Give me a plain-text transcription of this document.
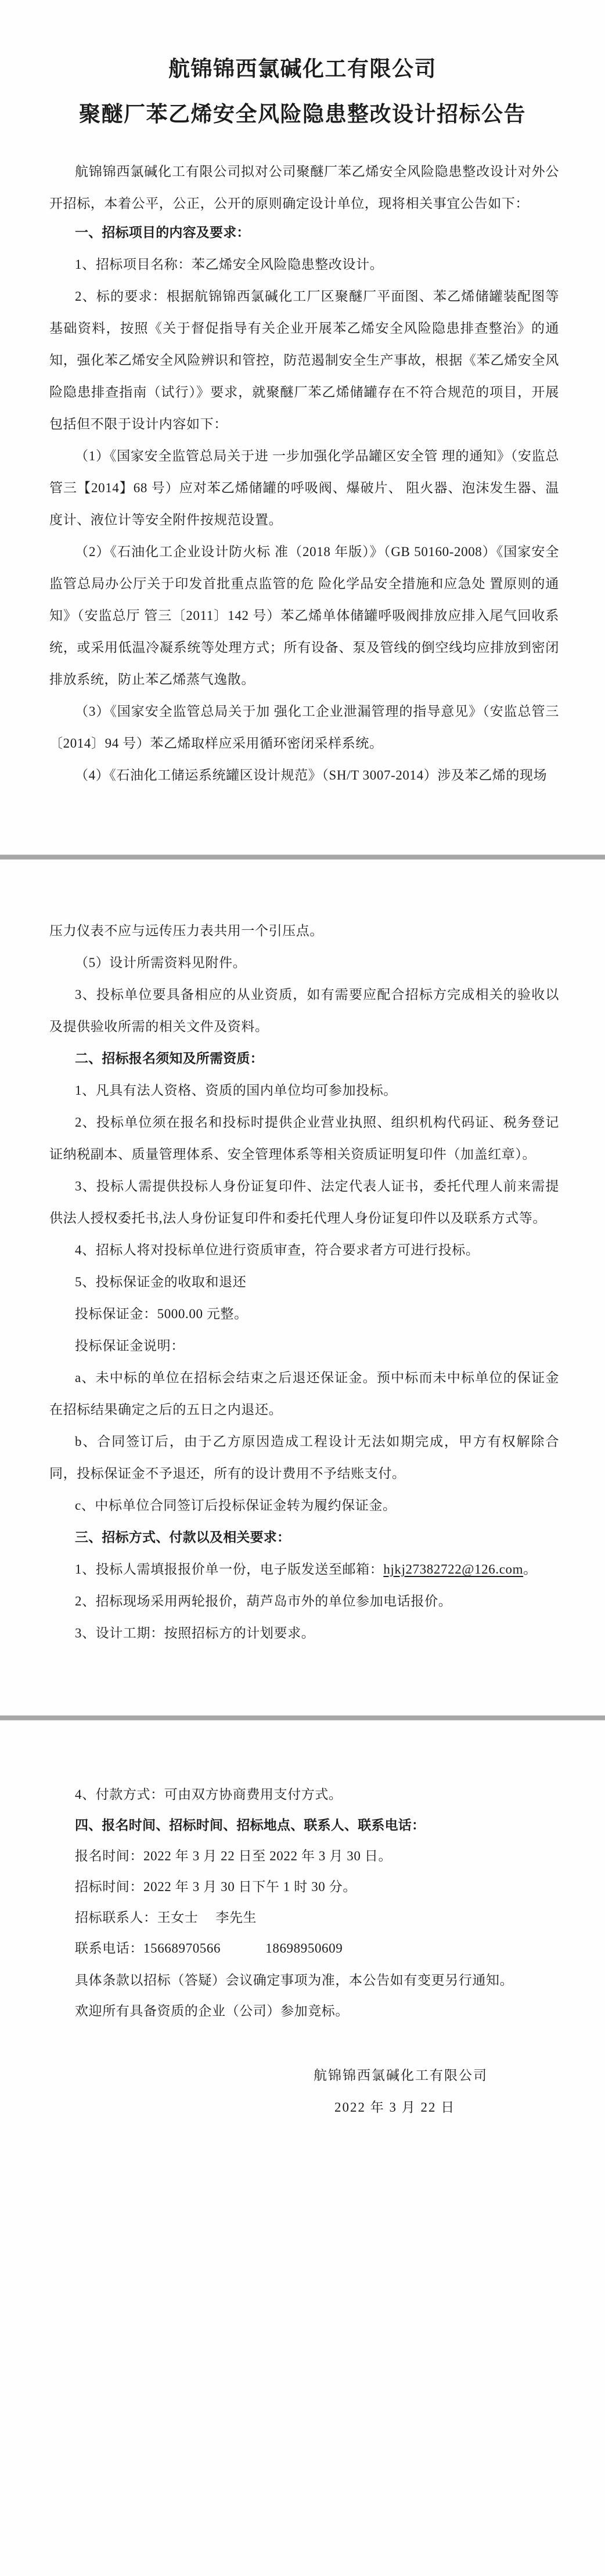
航锦锦西氯碱化工有限公司
聚醚厂苯乙烯安全风险隐患整改设计招标公告

航锦锦西氯碱化工有限公司拟对公司聚醚厂苯乙烯安全风险隐患整改设计对外公开招标，本着公平，公正，公开的原则确定设计单位，现将相关事宜公告如下：

一、招标项目的内容及要求：

1、招标项目名称：苯乙烯安全风险隐患整改设计。

2、标的要求：根据航锦锦西氯碱化工厂区聚醚厂平面图、苯乙烯储罐装配图等基础资料，按照《关于督促指导有关企业开展苯乙烯安全风险隐患排查整治》的通知，强化苯乙烯安全风险辨识和管控，防范遏制安全生产事故，根据《苯乙烯安全风险隐患排查指南（试行）》要求，就聚醚厂苯乙烯储罐存在不符合规范的项目，开展包括但不限于设计内容如下：

（1）《国家安全监管总局关于进 一步加强化学品罐区安全管 理的通知》（安监总管三【2014】68 号）应对苯乙烯储罐的呼吸阀、爆破片、 阻火器、泡沫发生器、温度计、液位计等安全附件按规范设置。

（2）《石油化工企业设计防火标 准（2018 年版）》（GB 50160-2008）《国家安全监管总局办公厅关于印发首批重点监管的危 险化学品安全措施和应急处 置原则的通知》（安监总厅 管三〔2011〕142 号）苯乙烯单体储罐呼吸阀排放应排入尾气回收系统，或采用低温冷凝系统等处理方式；所有设备、泵及管线的倒空线均应排放到密闭排放系统，防止苯乙烯蒸气逸散。

（3）《国家安全监管总局关于加 强化工企业泄漏管理的指导意见》（安监总管三〔2014〕94 号）苯乙烯取样应采用循环密闭采样系统。

（4）《石油化工储运系统罐区设计规范》（SH/T 3007-2014）涉及苯乙烯的现场

压力仪表不应与远传压力表共用一个引压点。

（5）设计所需资料见附件。

3、投标单位要具备相应的从业资质，如有需要应配合招标方完成相关的验收以及提供验收所需的相关文件及资料。

二、招标报名须知及所需资质：

1、凡具有法人资格、资质的国内单位均可参加投标。

2、投标单位须在报名和投标时提供企业营业执照、组织机构代码证、税务登记证纳税副本、质量管理体系、安全管理体系等相关资质证明复印件（加盖红章）。

3、投标人需提供投标人身份证复印件、法定代表人证书，委托代理人前来需提供法人授权委托书,法人身份证复印件和委托代理人身份证复印件以及联系方式等。

4、招标人将对投标单位进行资质审查，符合要求者方可进行投标。

5、投标保证金的收取和退还

投标保证金：5000.00 元整。

投标保证金说明：

a、未中标的单位在招标会结束之后退还保证金。预中标而未中标单位的保证金在招标结果确定之后的五日之内退还。

b、合同签订后，由于乙方原因造成工程设计无法如期完成，甲方有权解除合同，投标保证金不予退还，所有的设计费用不予结账支付。

c、中标单位合同签订后投标保证金转为履约保证金。

三、招标方式、付款以及相关要求：

1、投标人需填报报价单一份，电子版发送至邮箱：hjkj27382722@126.com。

2、招标现场采用两轮报价，葫芦岛市外的单位参加电话报价。

3、设计工期：按照招标方的计划要求。

4、付款方式：可由双方协商费用支付方式。

四、报名时间、招标时间、招标地点、联系人、联系电话：

报名时间：2022 年 3 月 22 日至 2022 年 3 月 30 日。

招标时间：2022 年 3 月 30 日下午 1 时 30 分。

招标联系人：王女士　 李先生

联系电话：15668970566　　　 18698950609

具体条款以招标（答疑）会议确定事项为准，本公告如有变更另行通知。

欢迎所有具备资质的企业（公司）参加竞标。

航锦锦西氯碱化工有限公司

2022 年 3 月 22 日
